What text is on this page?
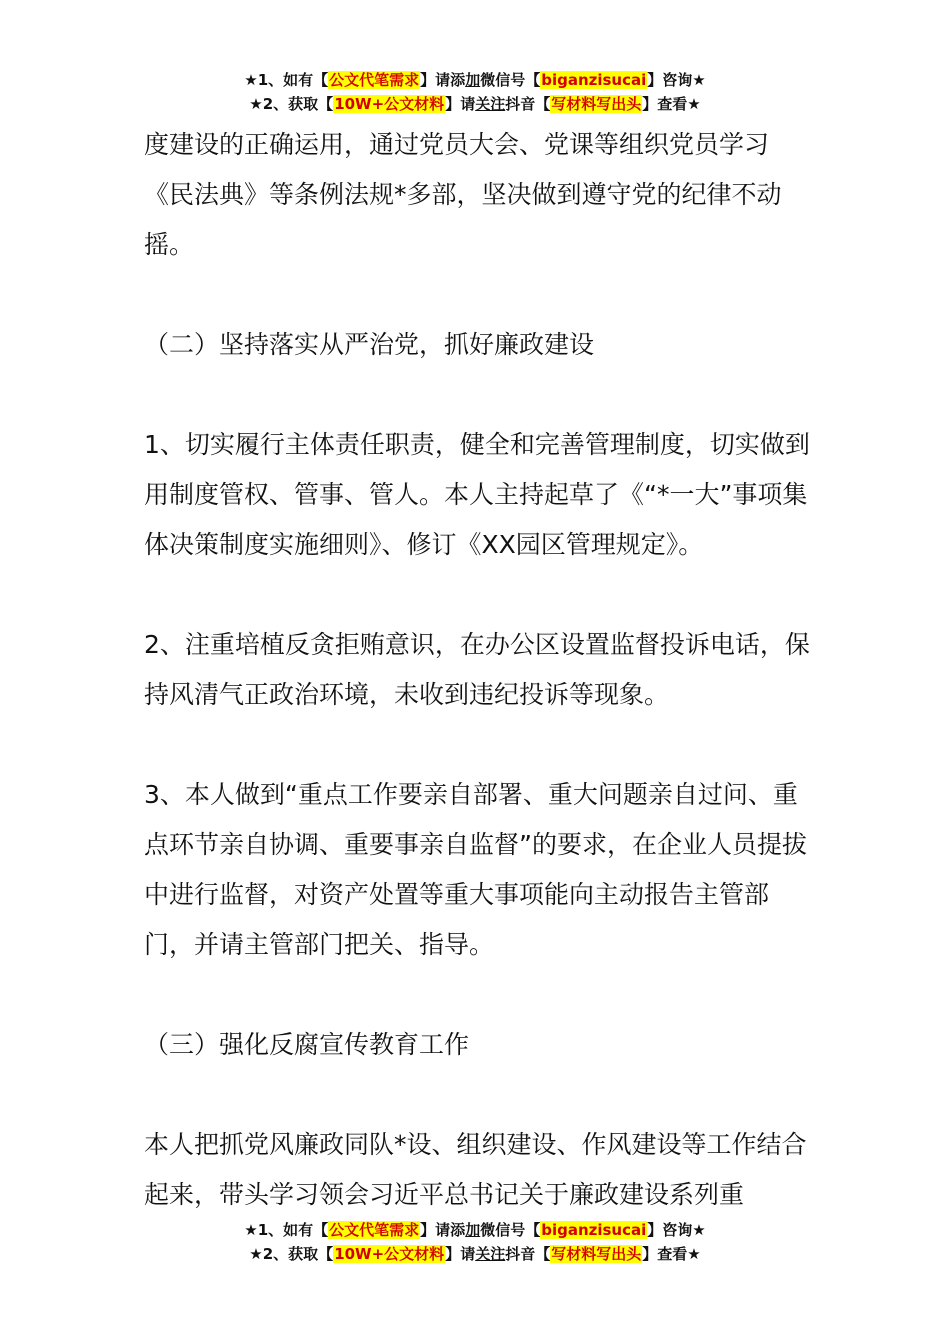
★1、如有【公文代笔需求】请添加微信号【biganzisucai】咨询★
★2、获取【10W+公文材料】请关注抖音【写材料写出头】查看★

度建设的正确运用，通过党员大会、党课等组织党员学习《民法典》等条例法规*多部，坚决做到遵守党的纪律不动摇。

（二）坚持落实从严治党，抓好廉政建设

1、切实履行主体责任职责，健全和完善管理制度，切实做到用制度管权、管事、管人。本人主持起草了《“*一大”事项集体决策制度实施细则》、修订《XX园区管理规定》。

2、注重培植反贪拒贿意识，在办公区设置监督投诉电话，保持风清气正政治环境，未收到违纪投诉等现象。

3、本人做到“重点工作要亲自部署、重大问题亲自过问、重点环节亲自协调、重要事亲自监督”的要求，在企业人员提拔中进行监督，对资产处置等重大事项能向主动报告主管部门，并请主管部门把关、指导。

（三）强化反腐宣传教育工作

本人把抓党风廉政同队*设、组织建设、作风建设等工作结合起来，带头学习领会习近平总书记关于廉政建设系列重

★1、如有【公文代笔需求】请添加微信号【biganzisucai】咨询★
★2、获取【10W+公文材料】请关注抖音【写材料写出头】查看★
